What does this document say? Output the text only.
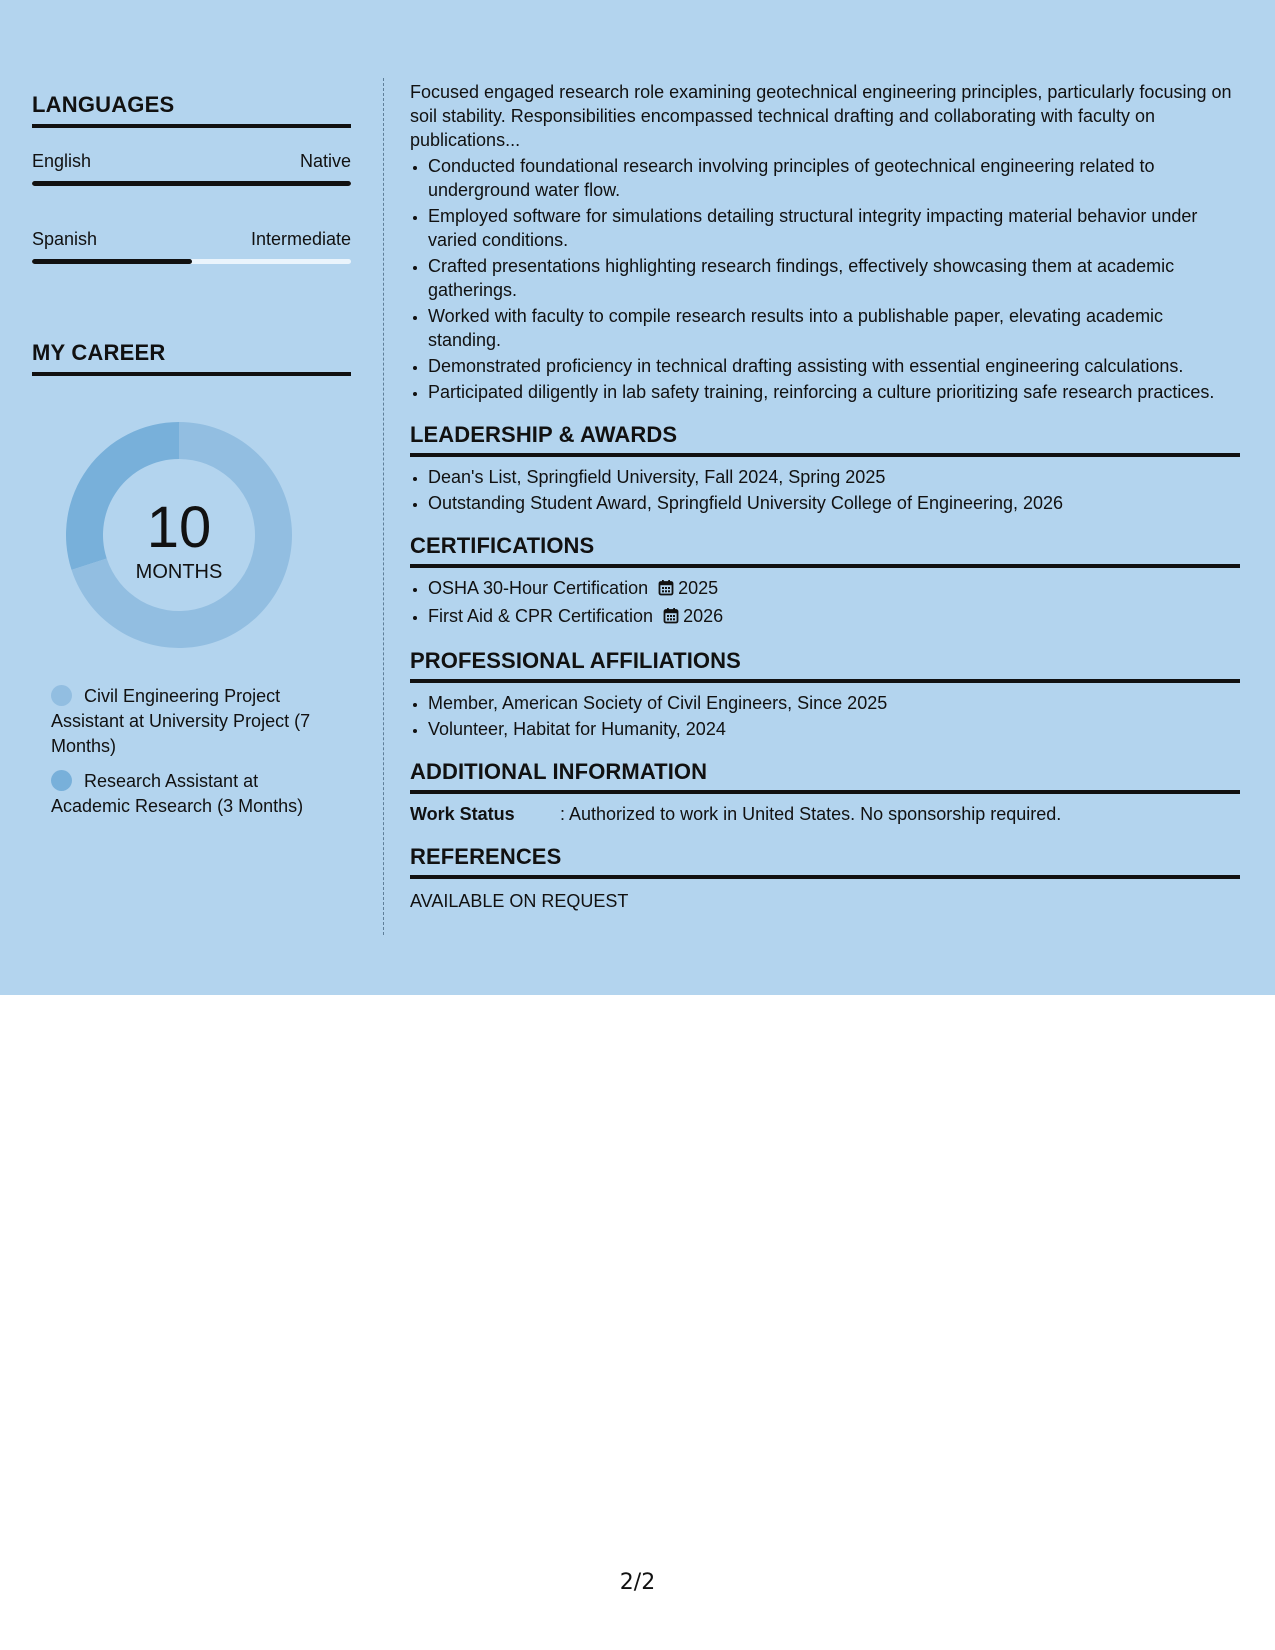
LANGUAGES
English	Native
Spanish	Intermediate
MY CAREER
10
MONTHS
Civil Engineering Project Assistant at University Project (7 Months)
Research Assistant at Academic Research (3 Months)
Focused engaged research role examining geotechnical engineering principles, particularly focusing on soil stability. Responsibilities encompassed technical drafting and collaborating with faculty on publications...
• Conducted foundational research involving principles of geotechnical engineering related to underground water flow.
• Employed software for simulations detailing structural integrity impacting material behavior under varied conditions.
• Crafted presentations highlighting research findings, effectively showcasing them at academic gatherings.
• Worked with faculty to compile research results into a publishable paper, elevating academic standing.
• Demonstrated proficiency in technical drafting assisting with essential engineering calculations.
• Participated diligently in lab safety training, reinforcing a culture prioritizing safe research practices.
LEADERSHIP & AWARDS
• Dean's List, Springfield University, Fall 2024, Spring 2025
• Outstanding Student Award, Springfield University College of Engineering, 2026
CERTIFICATIONS
• OSHA 30-Hour Certification 2025
• First Aid & CPR Certification 2026
PROFESSIONAL AFFILIATIONS
• Member, American Society of Civil Engineers, Since 2025
• Volunteer, Habitat for Humanity, 2024
ADDITIONAL INFORMATION
Work Status	: Authorized to work in United States. No sponsorship required.
REFERENCES
AVAILABLE ON REQUEST
2/2
